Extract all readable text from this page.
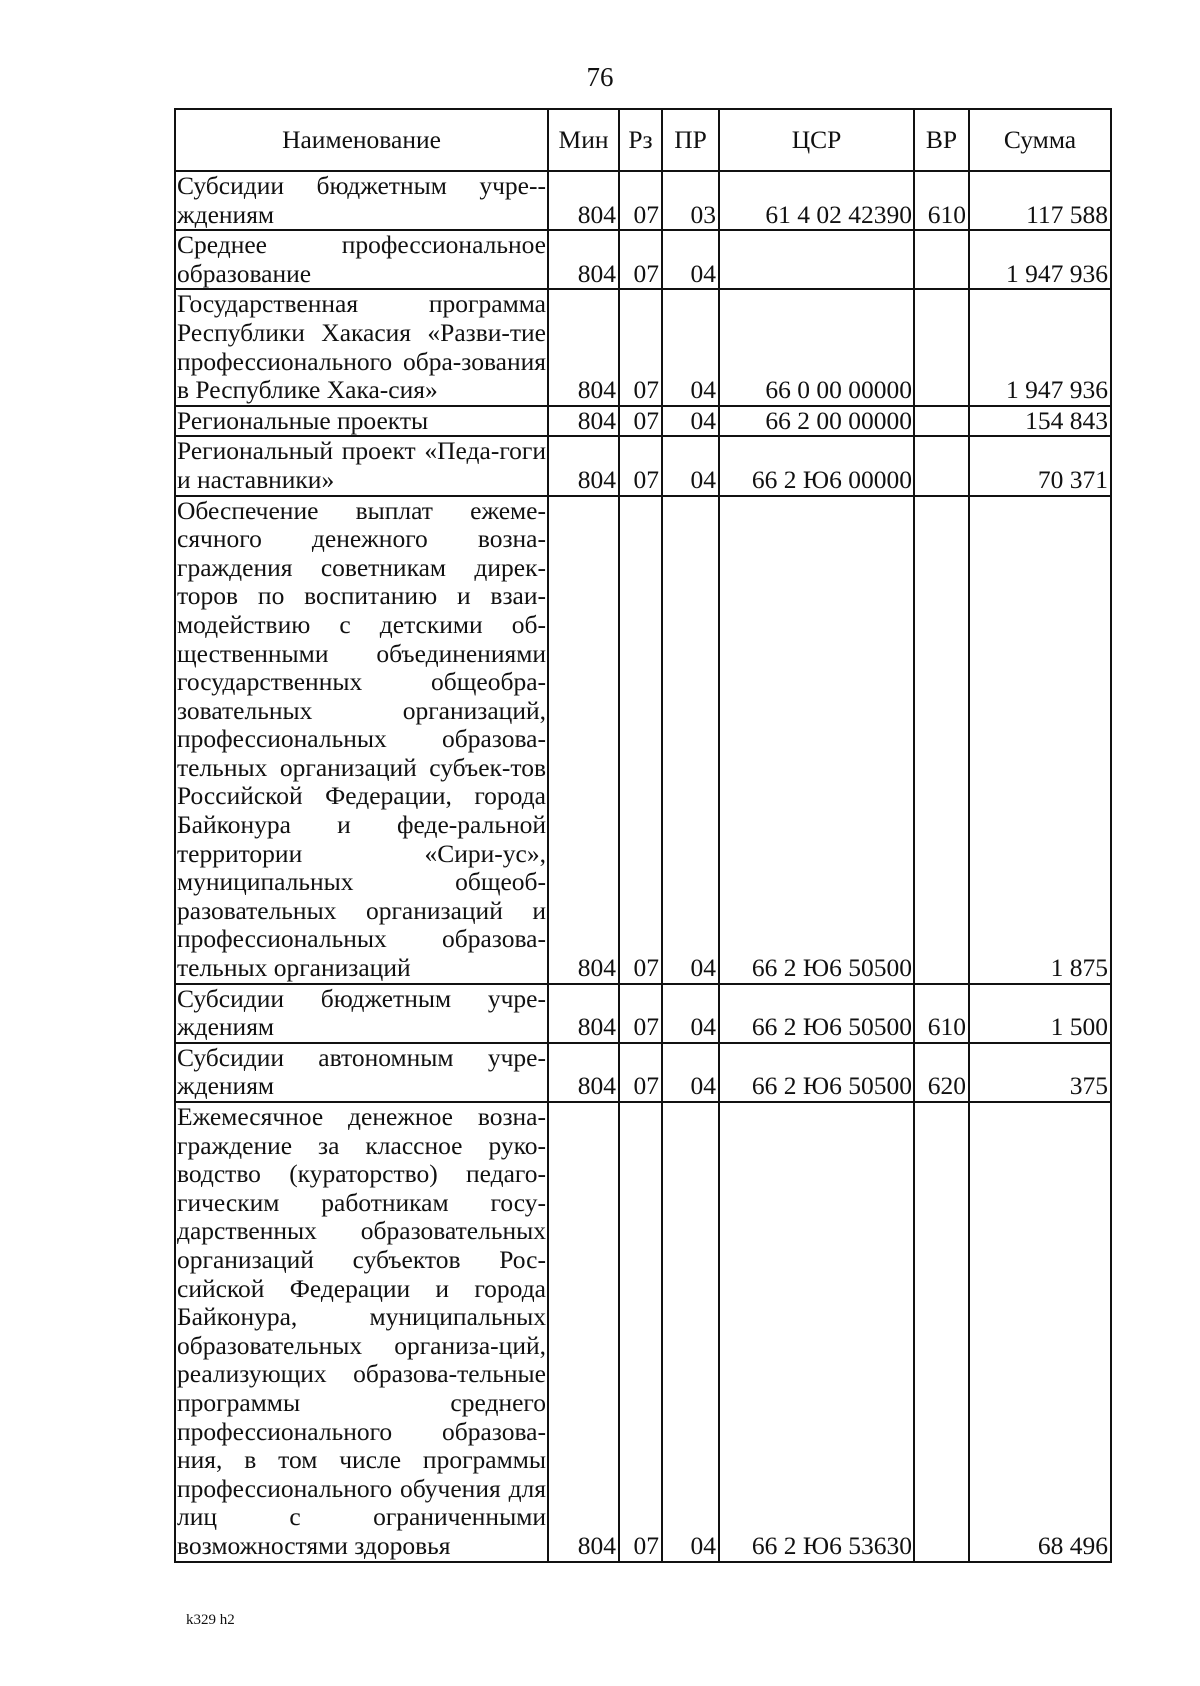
76
Наименование	Мин	Рз	ПР	ЦСР	ВР	Сумма
Субсидии бюджетным учре-ждениям	804	07	03	61 4 02 42390	610	117 588
Среднее профессиональное образование	804	07	04			1 947 936
Государственная программа Республики Хакасия «Разви-тие профессионального обра-зования в Республике Хака-сия»	804	07	04	66 0 00 00000		1 947 936
Региональные проекты	804	07	04	66 2 00 00000		154 843
Региональный проект «Педа-гоги и наставники»	804	07	04	66 2 Ю6 00000		70 371
Обеспечение выплат ежеме-сячного денежного возна-граждения советникам дирек-торов по воспитанию и взаи-модействию с детскими об-щественными объединениями государственных общеобра-зовательных организаций, профессиональных образова-тельных организаций субъек-тов Российской Федерации, города Байконура и феде-ральной территории «Сири-ус», муниципальных общеоб-разовательных организаций и профессиональных образова-тельных организаций	804	07	04	66 2 Ю6 50500		1 875
Субсидии бюджетным учре-ждениям	804	07	04	66 2 Ю6 50500	610	1 500
Субсидии автономным учре-ждениям	804	07	04	66 2 Ю6 50500	620	375
Ежемесячное денежное возна-граждение за классное руко-водство (кураторство) педаго-гическим работникам госу-дарственных образовательных организаций субъектов Рос-сийской Федерации и города Байконура, муниципальных образовательных организа-ций, реализующих образова-тельные программы среднего профессионального образова-ния, в том числе программы профессионального обучения для лиц с ограниченными возможностями здоровья	804	07	04	66 2 Ю6 53630		68 496
k329 h2
